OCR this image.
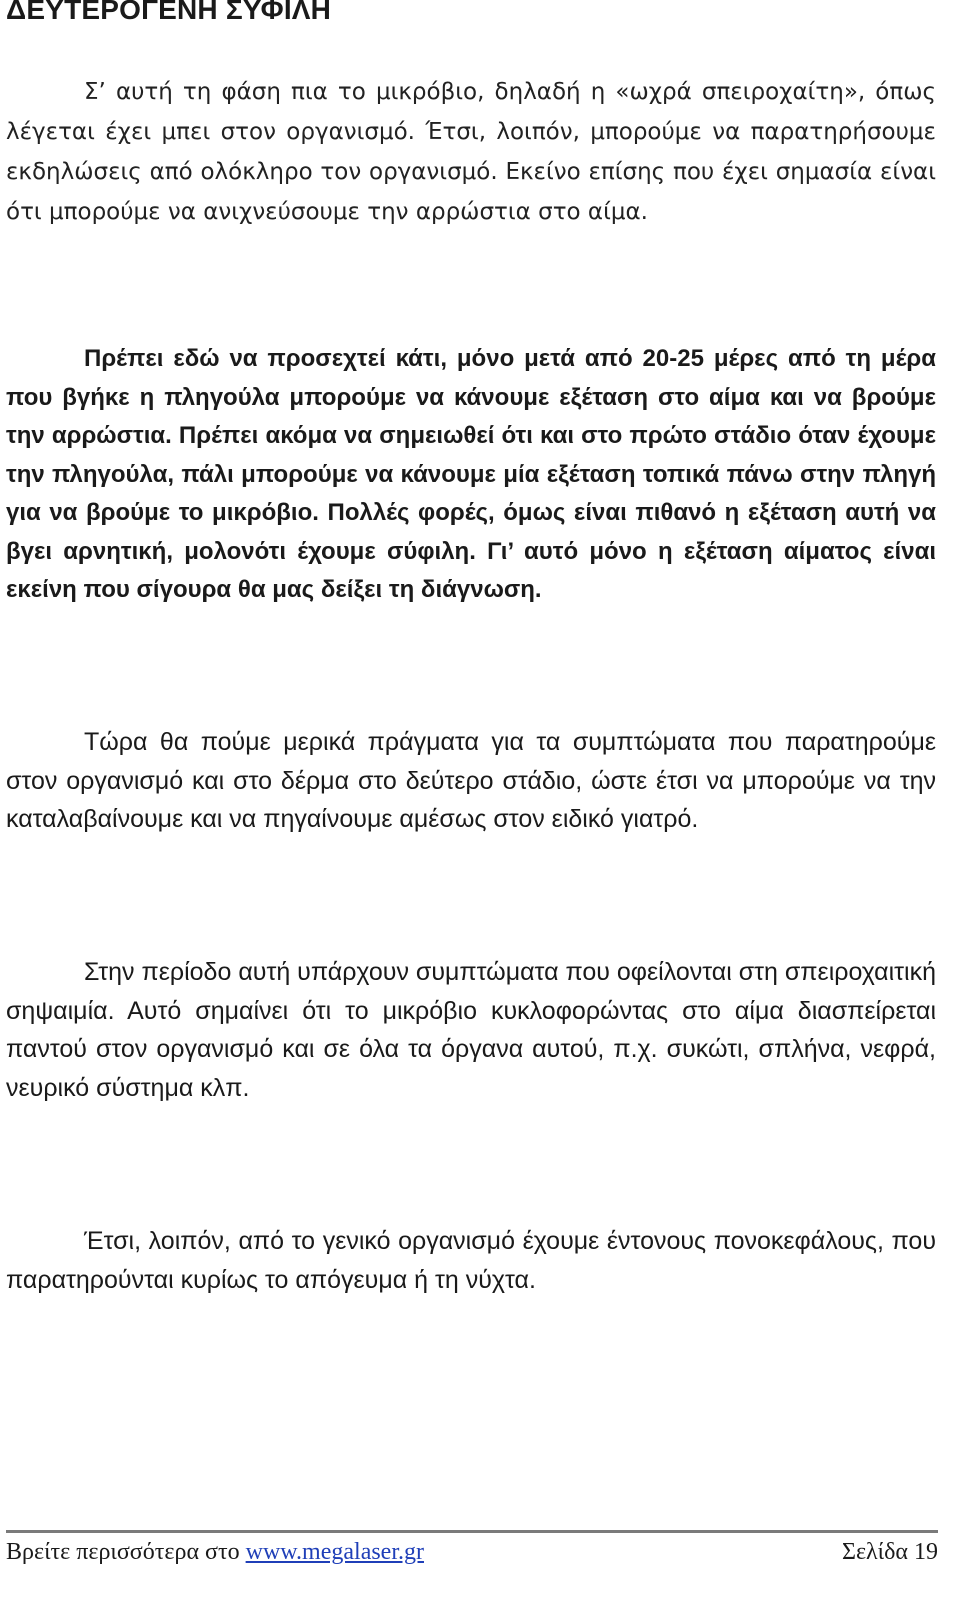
ΔΕΥΤΕΡΟΓΕΝΗ ΣΥΦΙΛΗ

Σ’ αυτή τη φάση πια το μικρόβιο, δηλαδή η «ωχρά σπειροχαίτη», όπως λέγεται έχει μπει στον οργανισμό. Έτσι, λοιπόν, μπορούμε να παρατηρήσουμε εκδηλώσεις από ολόκληρο τον οργανισμό. Εκείνο επίσης που έχει σημασία είναι ότι μπορούμε να ανιχνεύσουμε την αρρώστια στο αίμα.

Πρέπει εδώ να προσεχτεί κάτι, μόνο μετά από 20-25 μέρες από τη μέρα που βγήκε η πληγούλα μπορούμε να κάνουμε εξέταση στο αίμα και να βρούμε την αρρώστια. Πρέπει ακόμα να σημειωθεί ότι και στο πρώτο στάδιο όταν έχουμε την πληγούλα, πάλι μπορούμε να κάνουμε μία εξέταση τοπικά πάνω στην πληγή για να βρούμε το μικρόβιο. Πολλές φορές, όμως είναι πιθανό η εξέταση αυτή να βγει αρνητική, μολονότι έχουμε σύφιλη. Γι’ αυτό μόνο η εξέταση αίματος είναι εκείνη που σίγουρα θα μας δείξει τη διάγνωση.

Τώρα θα πούμε μερικά πράγματα για τα συμπτώματα που παρατηρούμε στον οργανισμό και στο δέρμα στο δεύτερο στάδιο, ώστε έτσι να μπορούμε να την καταλαβαίνουμε και να πηγαίνουμε αμέσως στον ειδικό γιατρό.

Στην περίοδο αυτή υπάρχουν συμπτώματα που οφείλονται στη σπειροχαιτική σηψαιμία. Αυτό σημαίνει ότι το μικρόβιο κυκλοφορώντας στο αίμα διασπείρεται παντού στον οργανισμό και σε όλα τα όργανα αυτού, π.χ. συκώτι, σπλήνα, νεφρά, νευρικό σύστημα κλπ.

Έτσι, λοιπόν, από το γενικό οργανισμό έχουμε έντονους πονοκεφάλους, που παρατηρούνται κυρίως το απόγευμα ή τη νύχτα.

Βρείτε περισσότερα στο www.megalaser.gr	Σελίδα 19
